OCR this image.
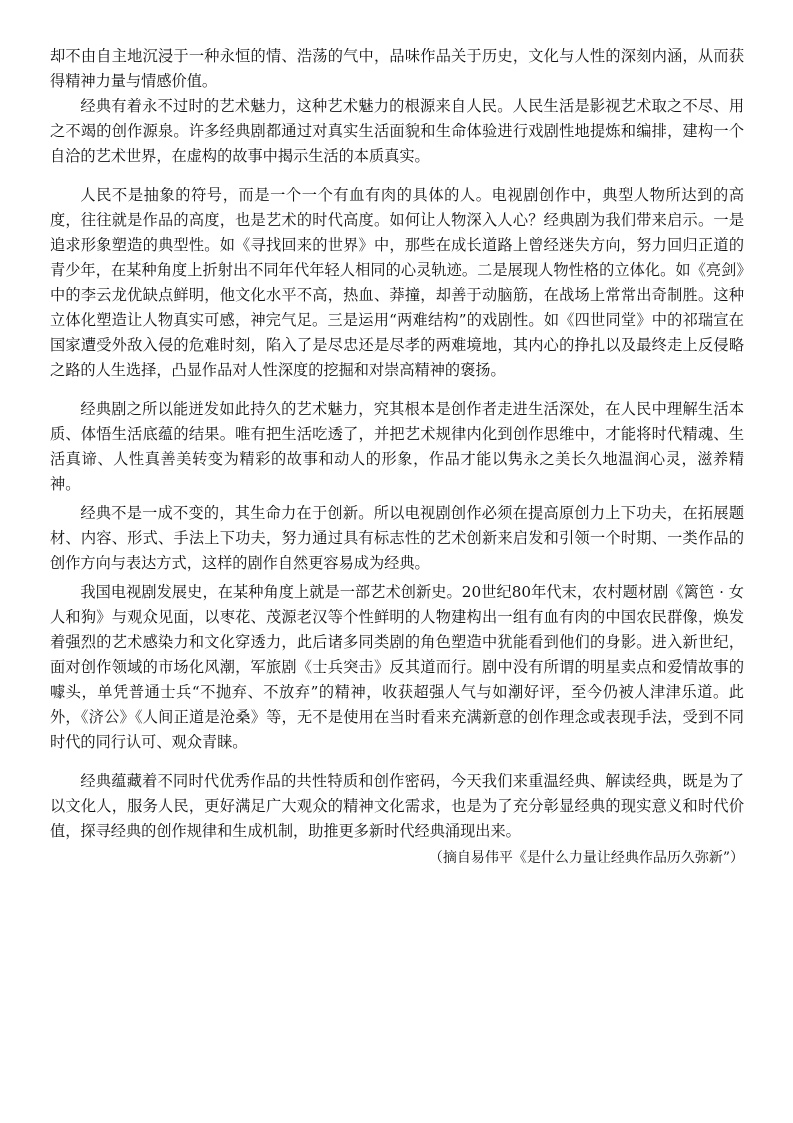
却不由自主地沉浸于一种永恒的情、浩荡的气中，品味作品关于历史，文化与人性的深刻内涵，从而获得精神力量与情感价值。

经典有着永不过时的艺术魅力，这种艺术魅力的根源来自人民。人民生活是影视艺术取之不尽、用之不竭的创作源泉。许多经典剧都通过对真实生活面貌和生命体验进行戏剧性地提炼和编排，建构一个自洽的艺术世界，在虚构的故事中揭示生活的本质真实。

人民不是抽象的符号，而是一个一个有血有肉的具体的人。电视剧创作中，典型人物所达到的高度，往往就是作品的高度，也是艺术的时代高度。如何让人物深入人心？经典剧为我们带来启示。一是追求形象塑造的典型性。如《寻找回来的世界》中，那些在成长道路上曾经迷失方向，努力回归正道的青少年，在某种角度上折射出不同年代年轻人相同的心灵轨迹。二是展现人物性格的立体化。如《亮剑》中的李云龙优缺点鲜明，他文化水平不高，热血、莽撞，却善于动脑筋，在战场上常常出奇制胜。这种立体化塑造让人物真实可感，神完气足。三是运用“两难结构”的戏剧性。如《四世同堂》中的祁瑞宣在国家遭受外敌入侵的危难时刻，陷入了是尽忠还是尽孝的两难境地，其内心的挣扎以及最终走上反侵略之路的人生选择，凸显作品对人性深度的挖掘和对崇高精神的褒扬。

经典剧之所以能迸发如此持久的艺术魅力，究其根本是创作者走进生活深处，在人民中理解生活本质、体悟生活底蕴的结果。唯有把生活吃透了，并把艺术规律内化到创作思维中，才能将时代精魂、生活真谛、人性真善美转变为精彩的故事和动人的形象，作品才能以隽永之美长久地温润心灵，滋养精神。

经典不是一成不变的，其生命力在于创新。所以电视剧创作必须在提高原创力上下功夫，在拓展题材、内容、形式、手法上下功夫，努力通过具有标志性的艺术创新来启发和引领一个时期、一类作品的创作方向与表达方式，这样的剧作自然更容易成为经典。

我国电视剧发展史，在某种角度上就是一部艺术创新史。20世纪80年代末，农村题材剧《篱笆 · 女人和狗》与观众见面，以枣花、茂源老汉等个性鲜明的人物建构出一组有血有肉的中国农民群像，焕发着强烈的艺术感染力和文化穿透力，此后诸多同类剧的角色塑造中犹能看到他们的身影。进入新世纪，面对创作领域的市场化风潮，军旅剧《士兵突击》反其道而行。剧中没有所谓的明星卖点和爱情故事的噱头，单凭普通士兵“不抛弃、不放弃”的精神，收获超强人气与如潮好评，至今仍被人津津乐道。此外，《济公》《人间正道是沧桑》等，无不是使用在当时看来充满新意的创作理念或表现手法，受到不同时代的同行认可、观众青睐。

经典蕴藏着不同时代优秀作品的共性特质和创作密码，今天我们来重温经典、解读经典，既是为了以文化人，服务人民，更好满足广大观众的精神文化需求，也是为了充分彰显经典的现实意义和时代价值，探寻经典的创作规律和生成机制，助推更多新时代经典涌现出来。

（摘自易伟平《是什么力量让经典作品历久弥新”）
